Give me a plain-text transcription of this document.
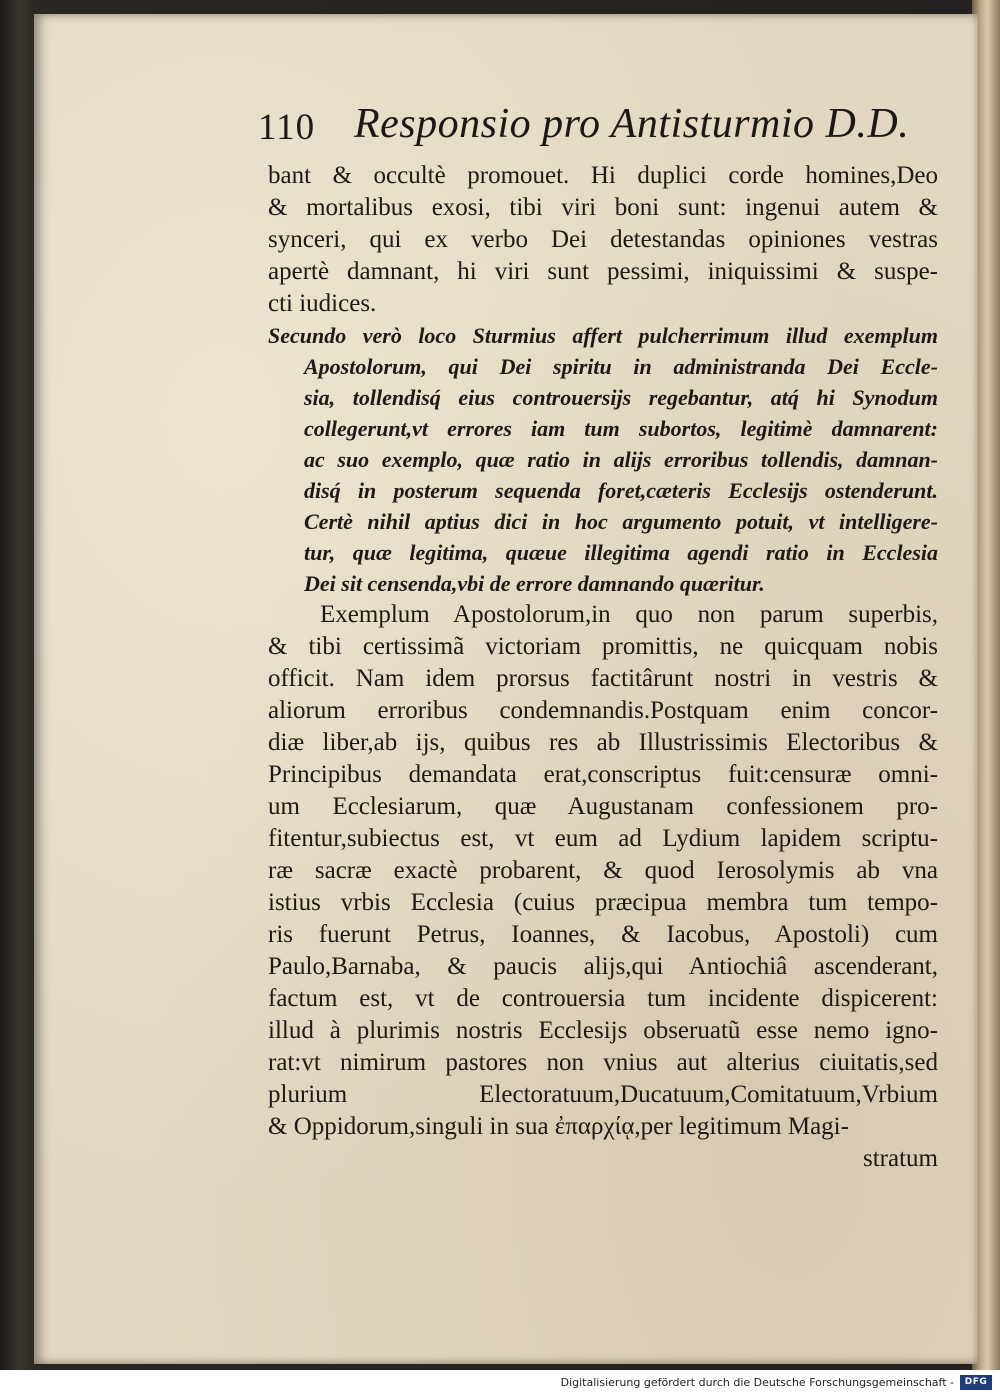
110 Responsio pro Antisturmio D.D.
bant & occultè promouet. Hi duplici corde homines,Deo
& mortalibus exosi, tibi viri boni sunt: ingenui autem &
synceri, qui ex verbo Dei detestandas opiniones vestras
apertè damnant, hi viri sunt pessimi, iniquissimi & suspe-
cti iudices.
Secundo verò loco Sturmius affert pulcherrimum illud exemplum
Apostolorum, qui Dei spiritu in administranda Dei Eccle-
sia, tollendisq́ eius controuersijs regebantur, atq́ hi Synodum
collegerunt,vt errores iam tum subortos, legitimè damnarent:
ac suo exemplo, quæ ratio in alijs erroribus tollendis, damnan-
disq́ in posterum sequenda foret,cæteris Ecclesijs ostenderunt.
Certè nihil aptius dici in hoc argumento potuit, vt intelligere-
tur, quæ legitima, quæue illegitima agendi ratio in Ecclesia
Dei sit censenda,vbi de errore damnando quæritur.
Exemplum Apostolorum,in quo non parum superbis,
& tibi certissimã victoriam promittis, ne quicquam nobis
officit. Nam idem prorsus factitârunt nostri in vestris &
aliorum erroribus condemnandis.Postquam enim concor-
diæ liber,ab ijs, quibus res ab Illustrissimis Electoribus &
Principibus demandata erat,conscriptus fuit:censuræ omni-
um Ecclesiarum, quæ Augustanam confessionem pro-
fitentur,subiectus est, vt eum ad Lydium lapidem scriptu-
ræ sacræ exactè probarent, & quod Ierosolymis ab vna
istius vrbis Ecclesia (cuius præcipua membra tum tempo-
ris fuerunt Petrus, Ioannes, & Iacobus, Apostoli) cum
Paulo,Barnaba, & paucis alijs,qui Antiochiâ ascenderant,
factum est, vt de controuersia tum incidente dispicerent:
illud à plurimis nostris Ecclesijs obseruatũ esse nemo igno-
rat:vt nimirum pastores non vnius aut alterius ciuitatis,sed
plurium Electoratuum,Ducatuum,Comitatuum,Vrbium
& Oppidorum,singuli in sua ἐπαρχίᾳ,per legitimum Magi-
stratum
Digitalisierung gefördert durch die Deutsche Forschungsgemeinschaft -	DFG
